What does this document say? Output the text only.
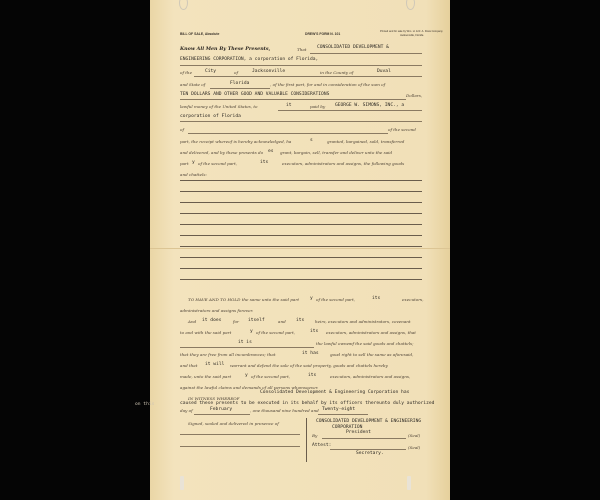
BILL OF SALE, Absolute	DREW'S FORM N. 101
Printed and for sale by Wm. H. & R. A. Drew Company
Jacksonville, Florida
Know All Men By These Presents,	That CONSOLIDATED DEVELOPMENT &
ENGINEERING CORPORATION, a corporation of Florida,
of the	City	of	Jacksonville	in the County of	Duval
and State of	Florida	, of the first part, for and in consideration of the sum of
TEN DOLLARS AND OTHER GOOD AND VALUABLE CONSIDERATIONS	Dollars,
lawful money of the United States, to	it	paid by GEORGE W. SIMONS, INC., a
corporation of Florida
of	of the second
part, the receipt whereof is hereby acknowledged, ha	s	granted, bargained, sold, transferred
and delivered, and by these presents do es grant, bargain, sell, transfer and deliver unto the said
part y of the second part,	its	executors, administrators and assigns, the following goods
and chattels:
TO HAVE AND TO HOLD the same unto the said part y of the second part,	its	executors,
administrators and assigns forever.
And it does	for itself	and its	heirs, executors and administrators, covenant
to and with the said part	y of the second part,	its executors, administrators and assigns, that
it is	the lawful owner
of the said goods and chattels;
that they are free from all incumbrances; that	it has	good right to sell the same as aforesaid,
and that it will warrant and defend the sale of the said property, goods and chattels hereby
made, unto the said part	y of the second part,	its	executors, administrators and assigns,
against the lawful claims and demands of all persons whomsoever.
IN WITNESS WHEREOF
Consolidated Development & Engineering Corporation has
caused these presents to be executed in its behalf by its officers thereunto duly authorized
day of	February	, one thousand nine hundred and Twenty-eight
Signed, sealed and delivered in presence of	CONSOLIDATED DEVELOPMENT & ENGINEERING
CORPORATION
By
President
(Seal)
Attest:	(Seal)
Secretary.
on this
